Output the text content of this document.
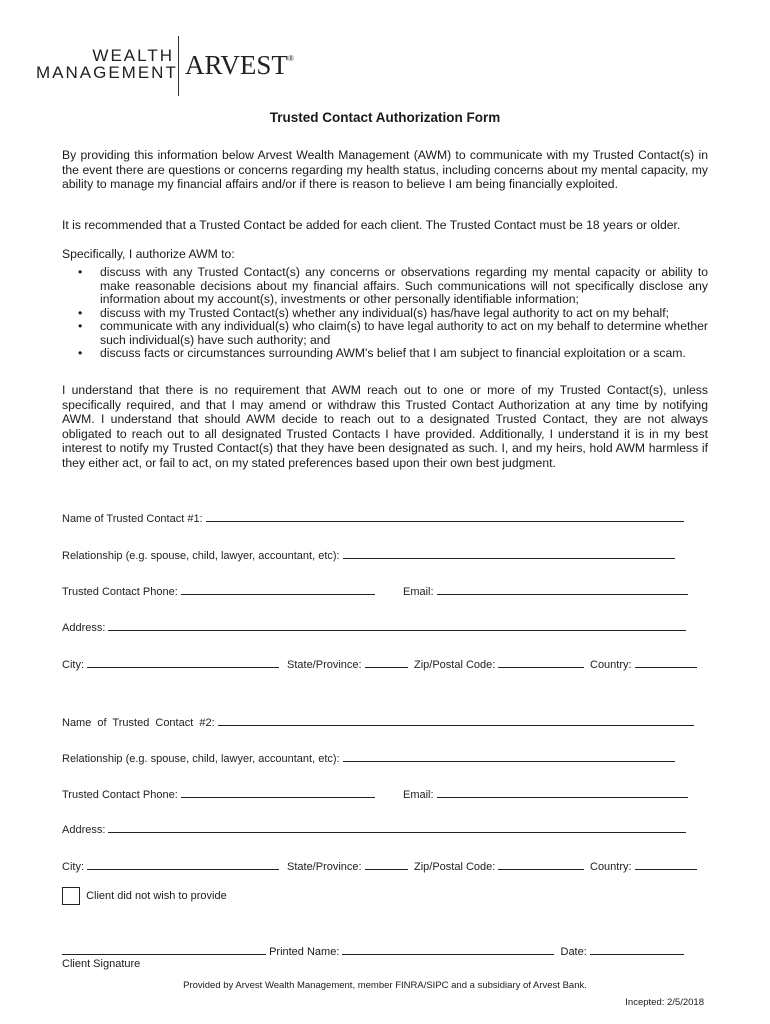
WEALTH
MANAGEMENT ARVEST®
Trusted Contact Authorization Form

By providing this information below Arvest Wealth Management (AWM) to communicate with my Trusted Contact(s) in the event there are questions or concerns regarding my health status, including concerns about my mental capacity, my ability to manage my financial affairs and/or if there is reason to believe I am being financially exploited.

It is recommended that a Trusted Contact be added for each client. The Trusted Contact must be 18 years or older.

Specifically, I authorize AWM to:

• discuss with any Trusted Contact(s) any concerns or observations regarding my mental capacity or ability to make reasonable decisions about my financial affairs. Such communications will not specifically disclose any information about my account(s), investments or other personally identifiable information;
• discuss with my Trusted Contact(s) whether any individual(s) has/have legal authority to act on my behalf;
• communicate with any individual(s) who claim(s) to have legal authority to act on my behalf to determine whether such individual(s) have such authority; and
• discuss facts or circumstances surrounding AWM's belief that I am subject to financial exploitation or a scam.

I understand that there is no requirement that AWM reach out to one or more of my Trusted Contact(s), unless specifically required, and that I may amend or withdraw this Trusted Contact Authorization at any time by notifying AWM. I understand that should AWM decide to reach out to a designated Trusted Contact, they are not always obligated to reach out to all designated Trusted Contacts I have provided. Additionally, I understand it is in my best interest to notify my Trusted Contact(s) that they have been designated as such. I, and my heirs, hold AWM harmless if they either act, or fail to act, on my stated preferences based upon their own best judgment.

Name of Trusted Contact #1:
Relationship (e.g. spouse, child, lawyer, accountant, etc):
Trusted Contact Phone:	Email:
Address:
City:	State/Province:	Zip/Postal Code:	Country:
Name of Trusted Contact #2:
Relationship (e.g. spouse, child, lawyer, accountant, etc):
Trusted Contact Phone:	Email:
Address:
City:	State/Province:	Zip/Postal Code:	Country:
Client did not wish to provide
Printed Name:	Date:
Client Signature
Provided by Arvest Wealth Management, member FINRA/SIPC and a subsidiary of Arvest Bank.
Incepted: 2/5/2018
